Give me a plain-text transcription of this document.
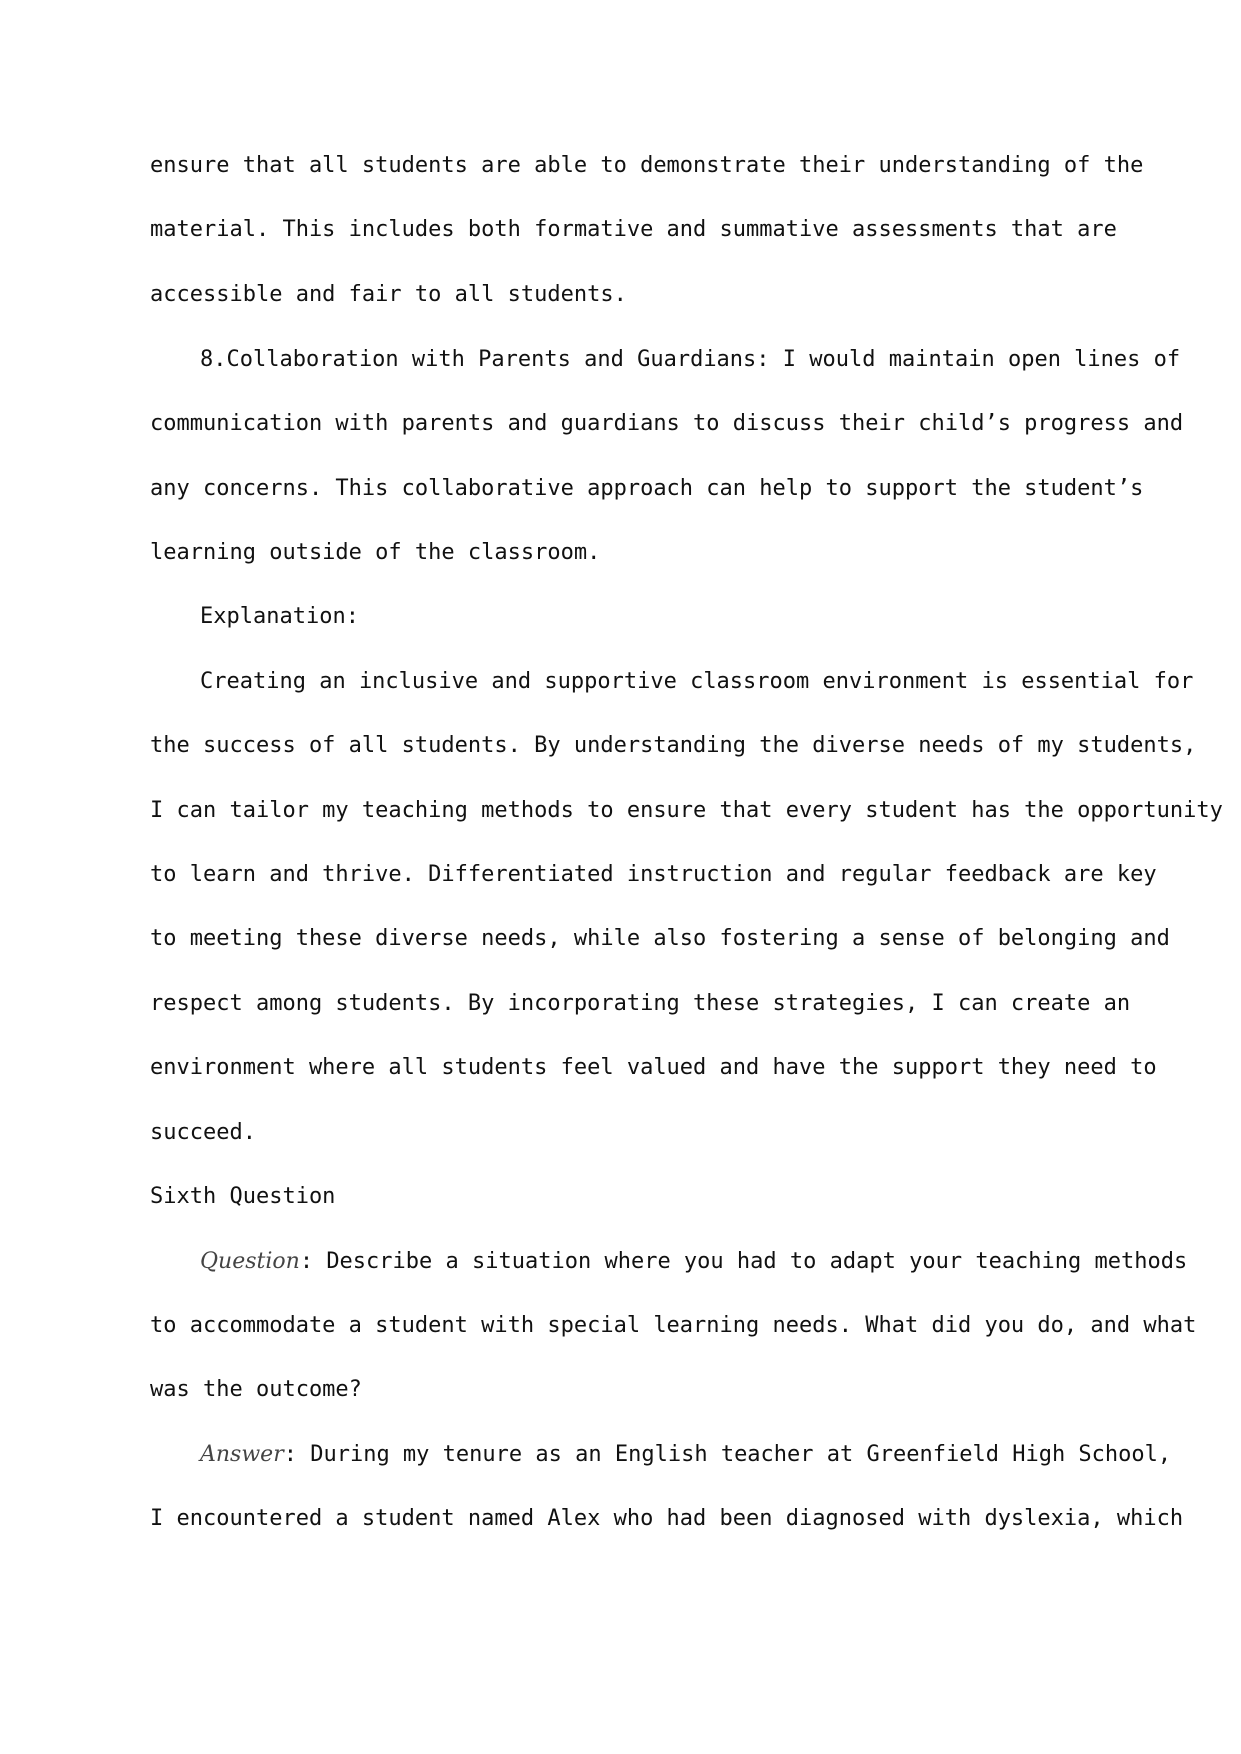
ensure that all students are able to demonstrate their understanding of the
material. This includes both formative and summative assessments that are
accessible and fair to all students.
8.Collaboration with Parents and Guardians: I would maintain open lines of
communication with parents and guardians to discuss their child’s progress and
any concerns. This collaborative approach can help to support the student’s
learning outside of the classroom.
Explanation:
Creating an inclusive and supportive classroom environment is essential for
the success of all students. By understanding the diverse needs of my students,
I can tailor my teaching methods to ensure that every student has the opportunity
to learn and thrive. Differentiated instruction and regular feedback are key
to meeting these diverse needs, while also fostering a sense of belonging and
respect among students. By incorporating these strategies, I can create an
environment where all students feel valued and have the support they need to
succeed.
Sixth Question
Question : Describe a situation where you had to adapt your teaching methods
to accommodate a student with special learning needs. What did you do, and what
was the outcome?
Answer : During my tenure as an English teacher at Greenfield High School,
I encountered a student named Alex who had been diagnosed with dyslexia, which
